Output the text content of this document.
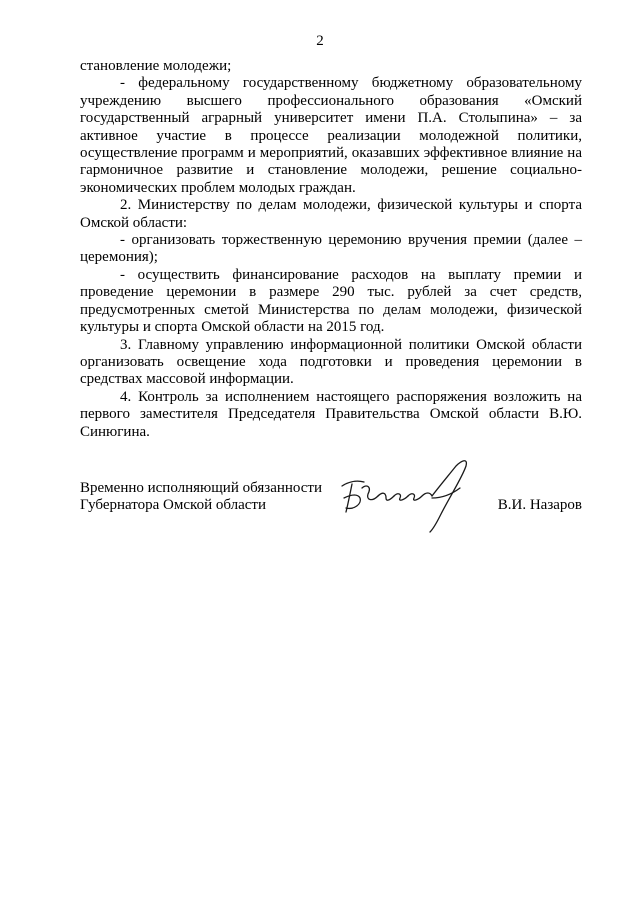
2

становление молодежи;

- федеральному государственному бюджетному образовательному учреждению высшего профессионального образования «Омский государственный аграрный университет имени П.А. Столыпина» – за активное участие в процессе реализации молодежной политики, осуществление программ и мероприятий, оказавших эффективное влияние на гармоничное развитие и становление молодежи, решение социально-экономических проблем молодых граждан.

2. Министерству по делам молодежи, физической культуры и спорта Омской области:

- организовать торжественную церемонию вручения премии (далее – церемония);

- осуществить финансирование расходов на выплату премии и проведение церемонии в размере 290 тыс. рублей за счет средств, предусмотренных сметой Министерства по делам молодежи, физической культуры и спорта Омской области на 2015 год.

3. Главному управлению информационной политики Омской области организовать освещение хода подготовки и проведения церемонии в средствах массовой информации.

4. Контроль за исполнением настоящего распоряжения возложить на первого заместителя Председателя Правительства Омской области В.Ю. Синюгина.

Временно исполняющий обязанности
Губернатора Омской области	В.И. Назаров
